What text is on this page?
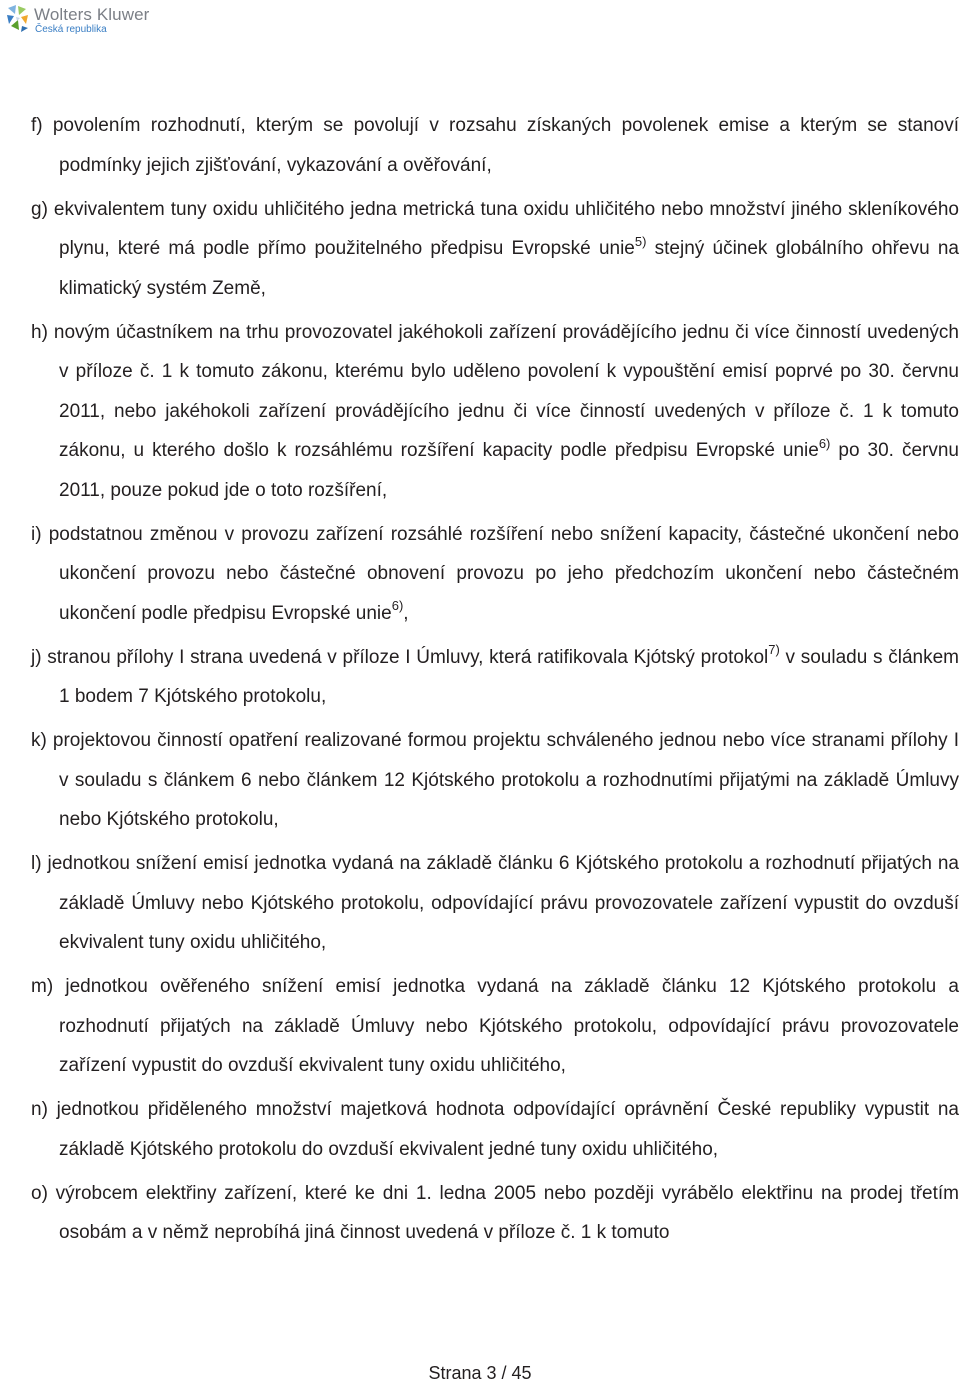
Wolters Kluwer
Česká republika

f) povolením rozhodnutí, kterým se povolují v rozsahu získaných povolenek emise a kterým se stanoví podmínky jejich zjišťování, vykazování a ověřování,

g) ekvivalentem tuny oxidu uhličitého jedna metrická tuna oxidu uhličitého nebo množství jiného skleníkového plynu, které má podle přímo použitelného předpisu Evropské unie$^{5)}$ stejný účinek globálního ohřevu na klimatický systém Země,

h) novým účastníkem na trhu provozovatel jakéhokoli zařízení provádějícího jednu či více činností uvedených v příloze č. 1 k tomuto zákonu, kterému bylo uděleno povolení k vypouštění emisí poprvé po 30. červnu 2011, nebo jakéhokoli zařízení provádějícího jednu či více činností uvedených v příloze č. 1 k tomuto zákonu, u kterého došlo k rozsáhlému rozšíření kapacity podle předpisu Evropské unie$^{6)}$ po 30. červnu 2011, pouze pokud jde o toto rozšíření,

i) podstatnou změnou v provozu zařízení rozsáhlé rozšíření nebo snížení kapacity, částečné ukončení nebo ukončení provozu nebo částečné obnovení provozu po jeho předchozím ukončení nebo částečném ukončení podle předpisu Evropské unie$^{6)}$,

j) stranou přílohy I strana uvedená v příloze I Úmluvy, která ratifikovala Kjótský protokol$^{7)}$ v souladu s článkem 1 bodem 7 Kjótského protokolu,

k) projektovou činností opatření realizované formou projektu schváleného jednou nebo více stranami přílohy I v souladu s článkem 6 nebo článkem 12 Kjótského protokolu a rozhodnutími přijatými na základě Úmluvy nebo Kjótského protokolu,

l) jednotkou snížení emisí jednotka vydaná na základě článku 6 Kjótského protokolu a rozhodnutí přijatých na základě Úmluvy nebo Kjótského protokolu, odpovídající právu provozovatele zařízení vypustit do ovzduší ekvivalent tuny oxidu uhličitého,

m) jednotkou ověřeného snížení emisí jednotka vydaná na základě článku 12 Kjótského protokolu a rozhodnutí přijatých na základě Úmluvy nebo Kjótského protokolu, odpovídající právu provozovatele zařízení vypustit do ovzduší ekvivalent tuny oxidu uhličitého,

n) jednotkou přiděleného množství majetková hodnota odpovídající oprávnění České republiky vypustit na základě Kjótského protokolu do ovzduší ekvivalent jedné tuny oxidu uhličitého,

o) výrobcem elektřiny zařízení, které ke dni 1. ledna 2005 nebo později vyrábělo elektřinu na prodej třetím osobám a v němž neprobíhá jiná činnost uvedená v příloze č. 1 k tomuto

Strana 3 / 45
